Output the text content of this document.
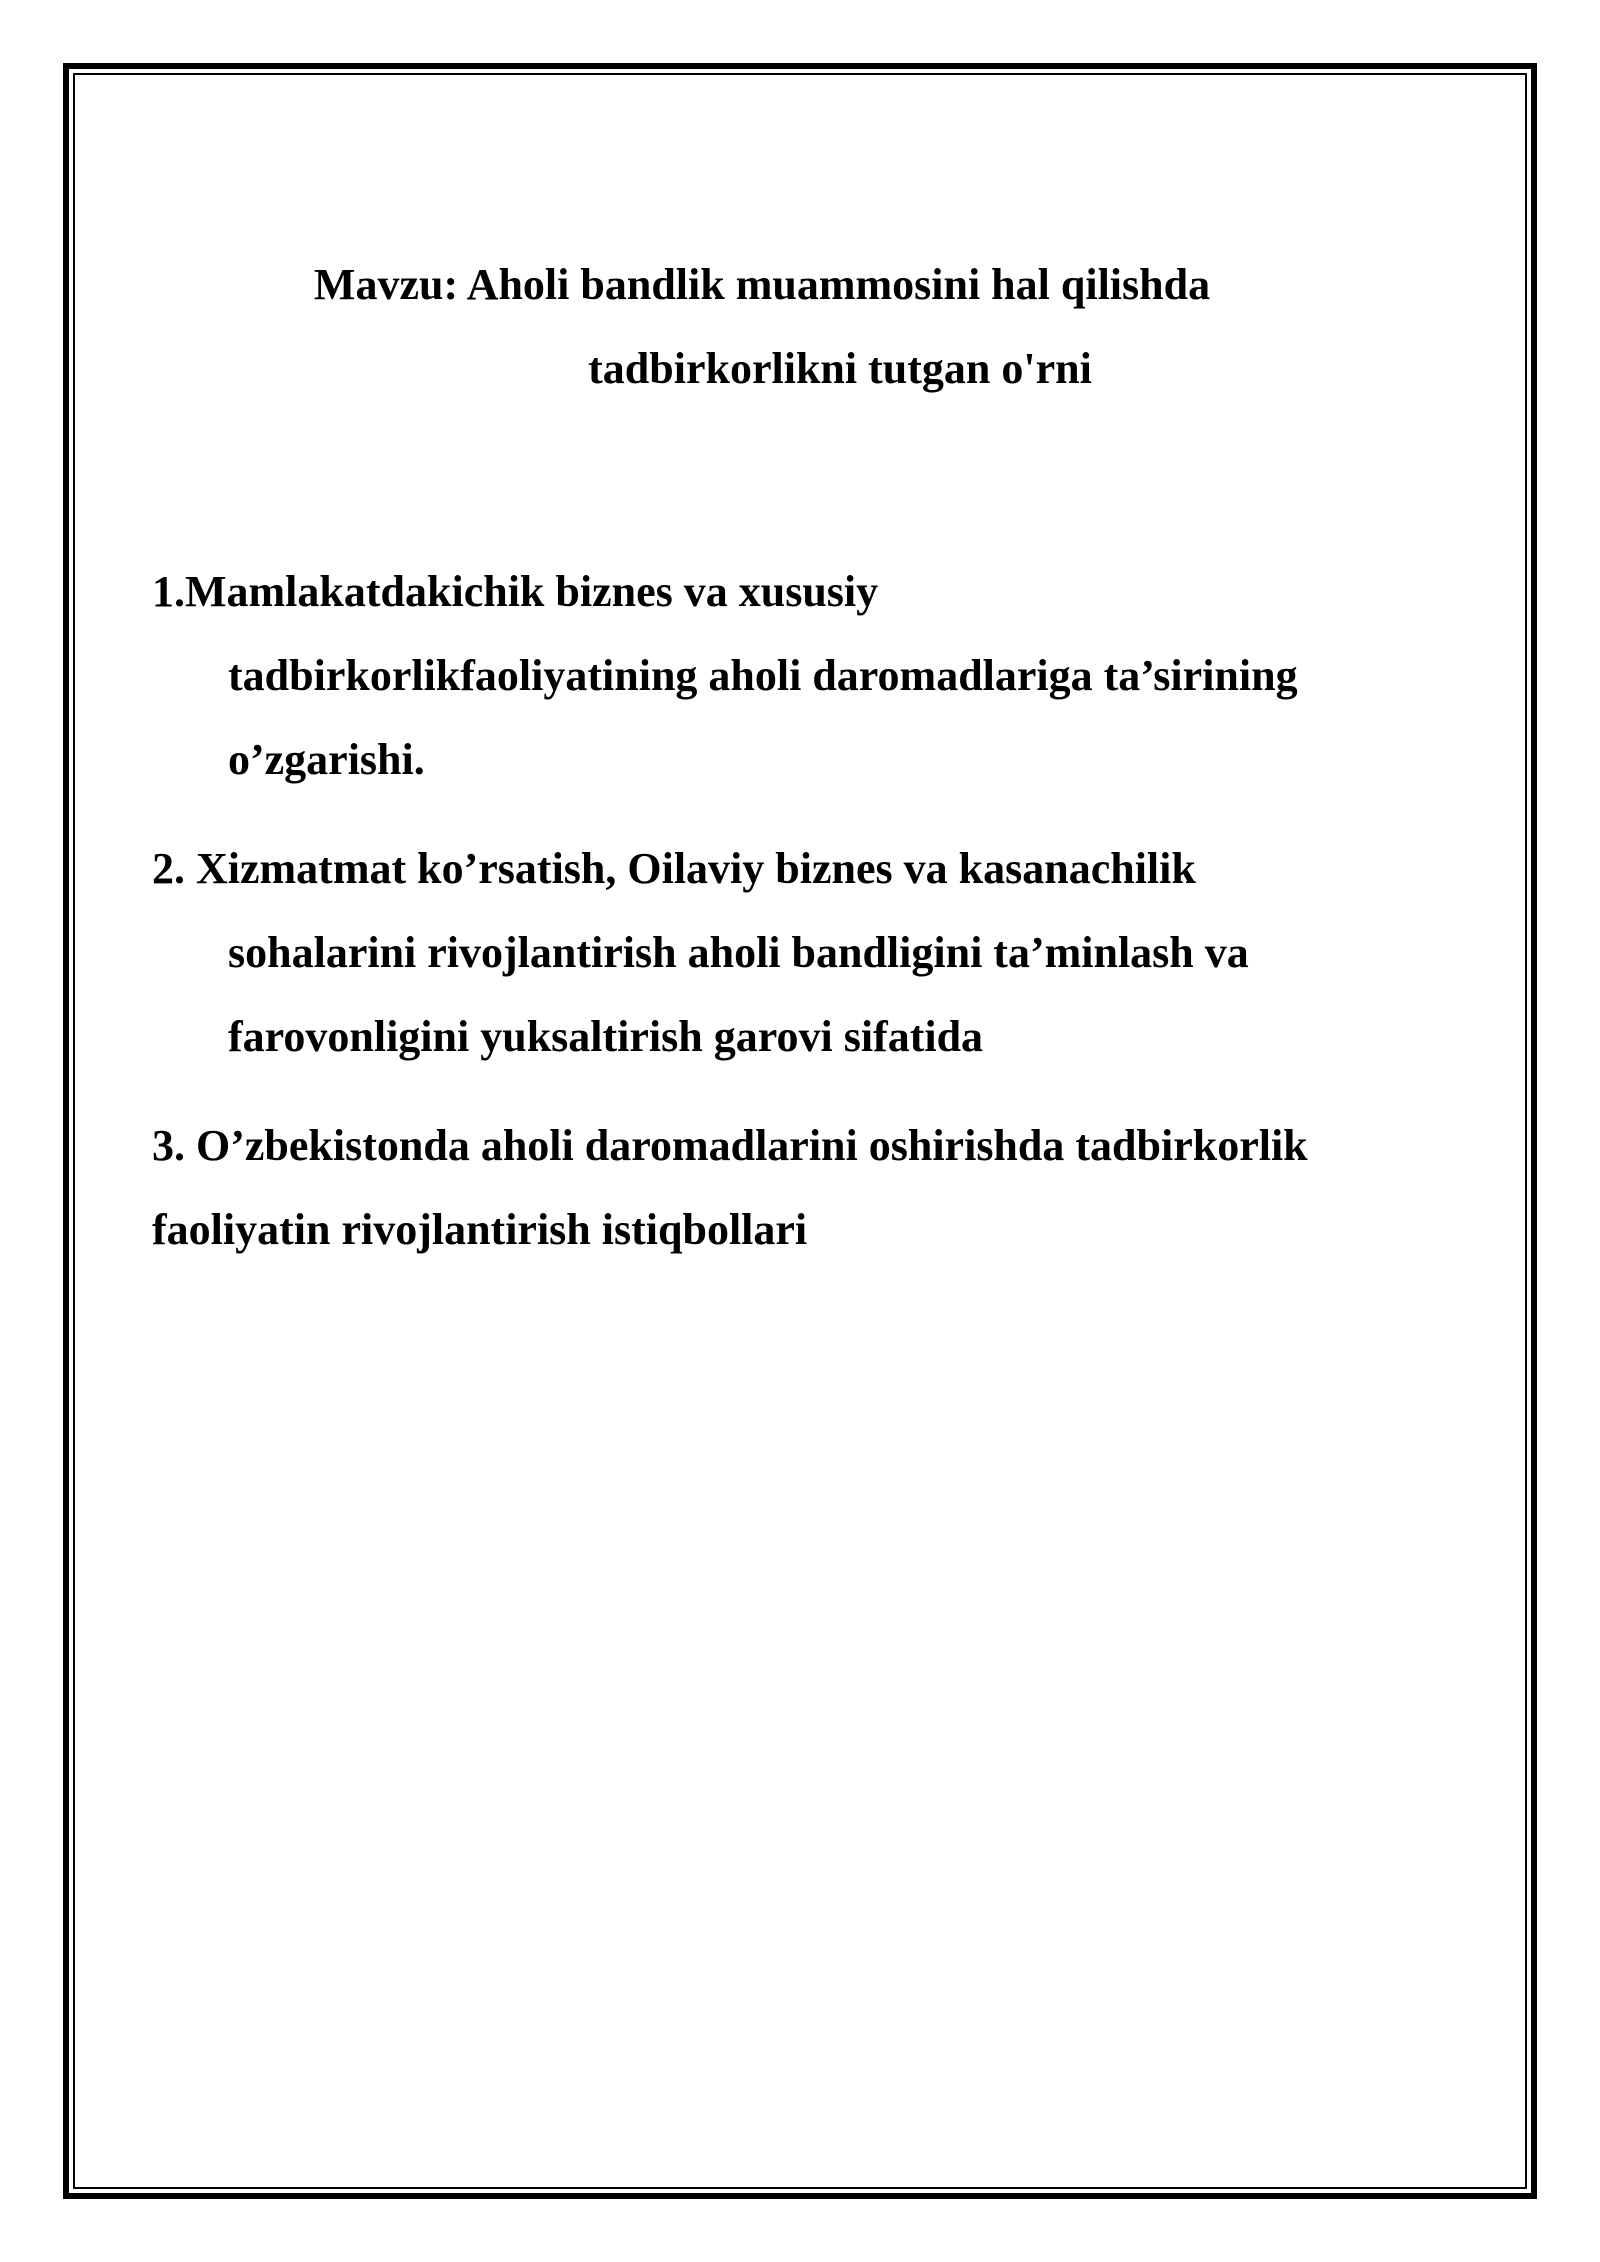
Mavzu: Aholi bandlik muammosini hal qilishda

tadbirkorlikni tutgan o'rni

1.Mamlakatdakichik biznes va xususiy

tadbirkorlikfaoliyatining aholi daromadlariga ta’sirining

o’zgarishi.

2. Xizmatmat ko’rsatish, Oilaviy biznes va kasanachilik

sohalarini rivojlantirish aholi bandligini ta’minlash va

farovonligini yuksaltirish garovi sifatida

3. O’zbekistonda aholi daromadlarini oshirishda tadbirkorlik

faoliyatin rivojlantirish istiqbollari
